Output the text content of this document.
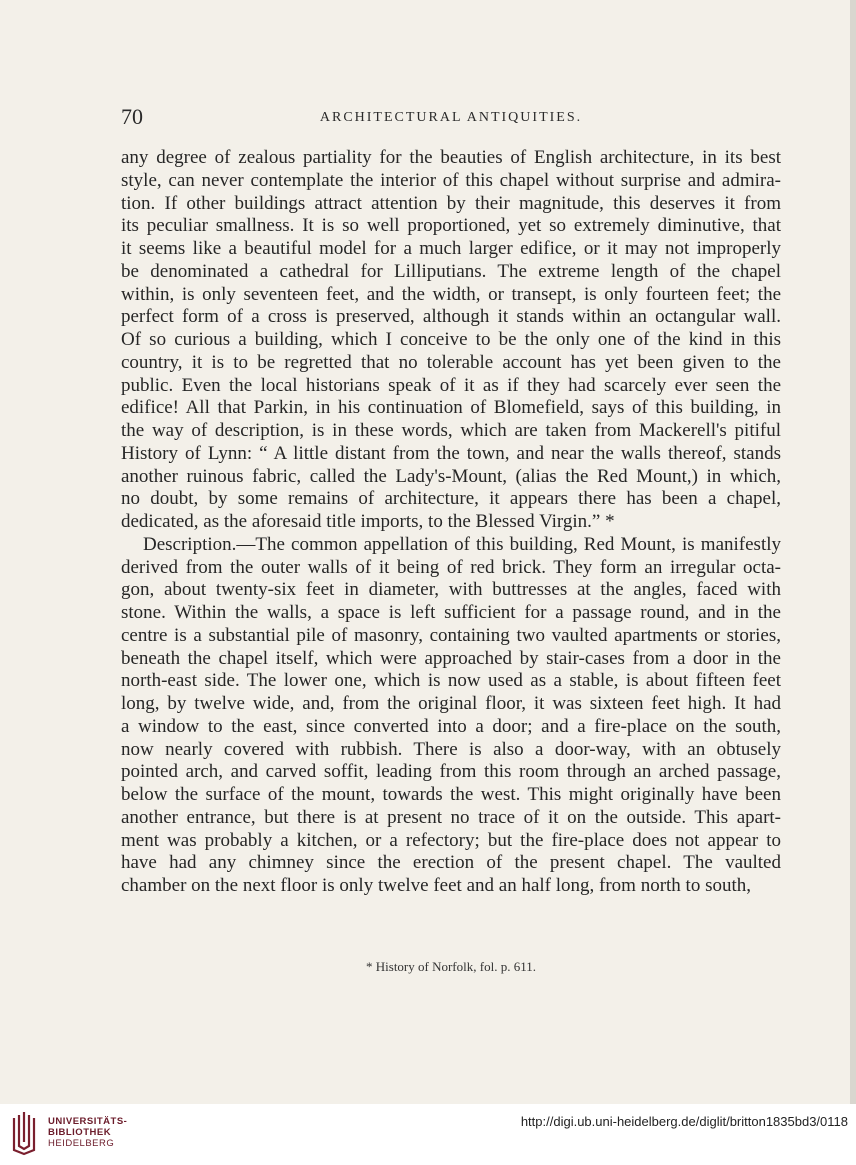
70	ARCHITECTURAL ANTIQUITIES.

any degree of zealous partiality for the beauties of English architecture, in its best
style, can never contemplate the interior of this chapel without surprise and admira-
tion. If other buildings attract attention by their magnitude, this deserves it from
its peculiar smallness. It is so well proportioned, yet so extremely diminutive, that
it seems like a beautiful model for a much larger edifice, or it may not improperly
be denominated a cathedral for Lilliputians. The extreme length of the chapel
within, is only seventeen feet, and the width, or transept, is only fourteen feet; the
perfect form of a cross is preserved, although it stands within an octangular wall.
Of so curious a building, which I conceive to be the only one of the kind in this
country, it is to be regretted that no tolerable account has yet been given to the
public. Even the local historians speak of it as if they had scarcely ever seen the
edifice! All that Parkin, in his continuation of Blomefield, says of this building, in
the way of description, is in these words, which are taken from Mackerell's pitiful
History of Lynn: “ A little distant from the town, and near the walls thereof, stands
another ruinous fabric, called the Lady's-Mount, (alias the Red Mount,) in which,
no doubt, by some remains of architecture, it appears there has been a chapel,
dedicated, as the aforesaid title imports, to the Blessed Virgin.” *

Description.—The common appellation of this building, Red Mount, is manifestly
derived from the outer walls of it being of red brick. They form an irregular octa-
gon, about twenty-six feet in diameter, with buttresses at the angles, faced with
stone. Within the walls, a space is left sufficient for a passage round, and in the
centre is a substantial pile of masonry, containing two vaulted apartments or stories,
beneath the chapel itself, which were approached by stair-cases from a door in the
north-east side. The lower one, which is now used as a stable, is about fifteen feet
long, by twelve wide, and, from the original floor, it was sixteen feet high. It had
a window to the east, since converted into a door; and a fire-place on the south,
now nearly covered with rubbish. There is also a door-way, with an obtusely
pointed arch, and carved soffit, leading from this room through an arched passage,
below the surface of the mount, towards the west. This might originally have been
another entrance, but there is at present no trace of it on the outside. This apart-
ment was probably a kitchen, or a refectory; but the fire-place does not appear to
have had any chimney since the erection of the present chapel. The vaulted
chamber on the next floor is only twelve feet and an half long, from north to south,

* History of Norfolk, fol. p. 611.
UNIVERSITÄTS-
BIBLIOTHEK
HEIDELBERG
http://digi.ub.uni-heidelberg.de/diglit/britton1835bd3/0118
